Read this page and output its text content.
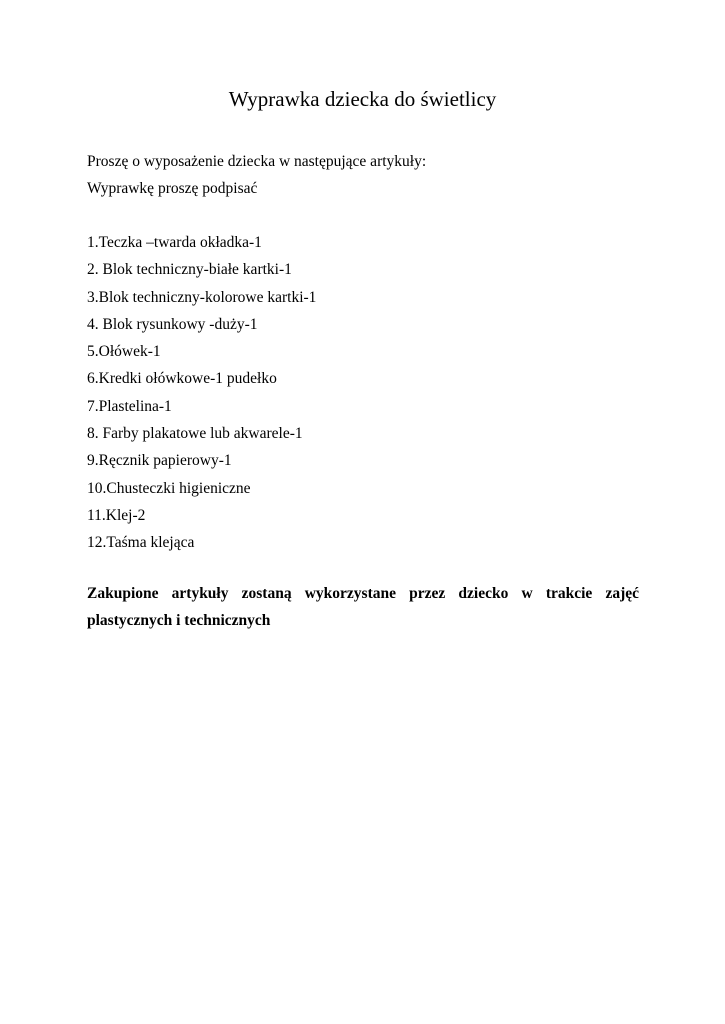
Wyprawka dziecka do świetlicy
Proszę o wyposażenie dziecka w następujące artykuły:
Wyprawkę proszę podpisać
1.Teczka –twarda okładka-1
2. Blok techniczny-białe kartki-1
3.Blok techniczny-kolorowe kartki-1
4. Blok rysunkowy -duży-1
5.Ołówek-1
6.Kredki ołówkowe-1 pudełko
7.Plastelina-1
8. Farby plakatowe lub akwarele-1
9.Ręcznik papierowy-1
10.Chusteczki higieniczne
11.Klej-2
12.Taśma klejąca
Zakupione artykuły zostaną wykorzystane przez dziecko w trakcie zajęć plastycznych i technicznych
